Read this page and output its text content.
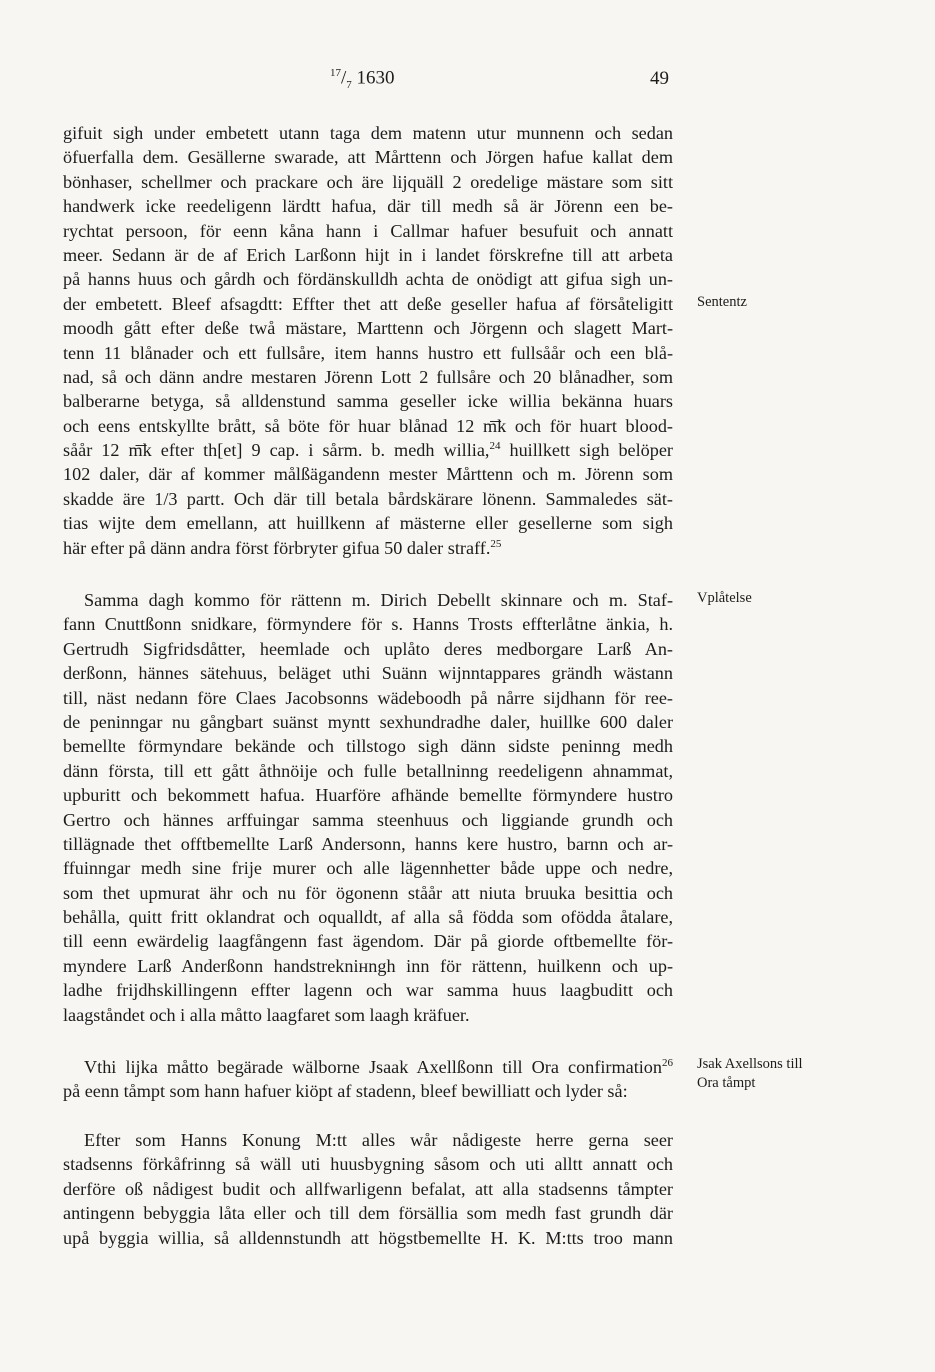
$^{17}/_7$ 1630	49
gifuit sigh under embetett utann taga dem matenn utur munnenn och sedan
öfuerfalla dem. Gesällerne swarade, att Mårttenn och Jörgen hafue kallat dem
bönhaser, schellmer och prackare och äre lijquäll 2 oredelige mästare som sitt
handwerk icke reedeligenn lärdtt hafua, där till medh så är Jörenn een be-
rychtat persoon, för eenn kåna hann i Callmar hafuer besufuit och annatt
meer. Sedann är de af Erich Larßonn hijt in i landet förskrefne till att arbeta
på hanns huus och gårdh och fördänskulldh achta de onödigt att gifua sigh un-
der embetett. Bleef afsagdtt: Effter thet att deße geseller hafua af försåteligitt
moodh gått efter deße twå mästare, Marttenn och Jörgenn och slagett Mart-
tenn 11 blånader och ett fullsåre, item hanns hustro ett fullsåår och een blå-
nad, så och dänn andre mestaren Jörenn Lott 2 fullsåre och 20 blånadher, som
balberarne betyga, så alldenstund samma geseller icke willia bekänna huars
och eens entskyllte brått, så böte för huar blånad 12 m͞k och för huart blood-
såår 12 m͞k efter th[et] 9 cap. i sårm. b. medh willia,$^{24}$ huillkett sigh belöper
102 daler, där af kommer målßägandenn mester Mårttenn och m. Jörenn som
skadde äre 1/3 partt. Och där till betala bårdskärare lönenn. Sammaledes sät-
tias wijte dem emellann, att huillkenn af mästerne eller gesellerne som sigh
här efter på dänn andra först förbryter gifua 50 daler straff.$^{25}$
Sententz
Samma dagh kommo för rättenn m. Dirich Debellt skinnare och m. Staf-
fann Cnuttßonn snidkare, förmyndere för s. Hanns Trosts effterlåtne änkia, h.
Gertrudh Sigfridsdåtter, heemlade och uplåto deres medborgare Larß An-
derßonn, hännes sätehuus, beläget uthi Suänn wijnntappares grändh wästann
till, näst nedann före Claes Jacobsonns wädeboodh på nårre sijdhann för ree-
de peninngar nu gångbart suänst myntt sexhundradhe daler, huillke 600 daler
bemellte förmyndare bekände och tillstogo sigh dänn sidste peninng medh
dänn första, till ett gått åthnöije och fulle betallninng reedeligenn ahnammat,
upburitt och bekommett hafua. Huarföre afhände bemellte förmyndere hustro
Gertro och hännes arffuingar samma steenhuus och liggiande grundh och
tillägnade thet offtbemellte Larß Andersonn, hanns kere hustro, barnn och ar-
ffuinngar medh sine frije murer och alle lägennhetter både uppe och nedre,
som thet upmurat ähr och nu för ögonenn ståår att niuta bruuka besittia och
behålla, quitt fritt oklandrat och oqualldt, af alla så födda som ofödda åtalare,
till eenn ewärdelig laagfångenn fast ägendom. Där på giorde oftbemellte för-
myndere Larß Anderßonn handstreknінngh inn för rättenn, huilkenn och up-
ladhe frijdhskillingenn effter lagenn och war samma huus laagbuditt och
laagståndet och i alla måtto laagfaret som laagh kräfuer.
Vplåtelse
Vthi lijka måtto begärade wälborne Jsaak Axellßonn till Ora confirmation$^{26}$
på eenn tåmpt som hann hafuer kiöpt af stadenn, bleef bewilliatt och lyder så:
Jsak Axellsons till
Ora tåmpt
Efter som Hanns Konung M:tt alles wår nådigeste herre gerna seer
stadsenns förkåfrinng så wäll uti huusbygning såsom och uti alltt annatt och
derföre oß nådigest budit och allfwarligenn befalat, att alla stadsenns tåmpter
antingenn bebyggia låta eller och till dem försällia som medh fast grundh där
upå byggia willia, så alldennstundh att högstbemellte H. K. M:tts troo mann
